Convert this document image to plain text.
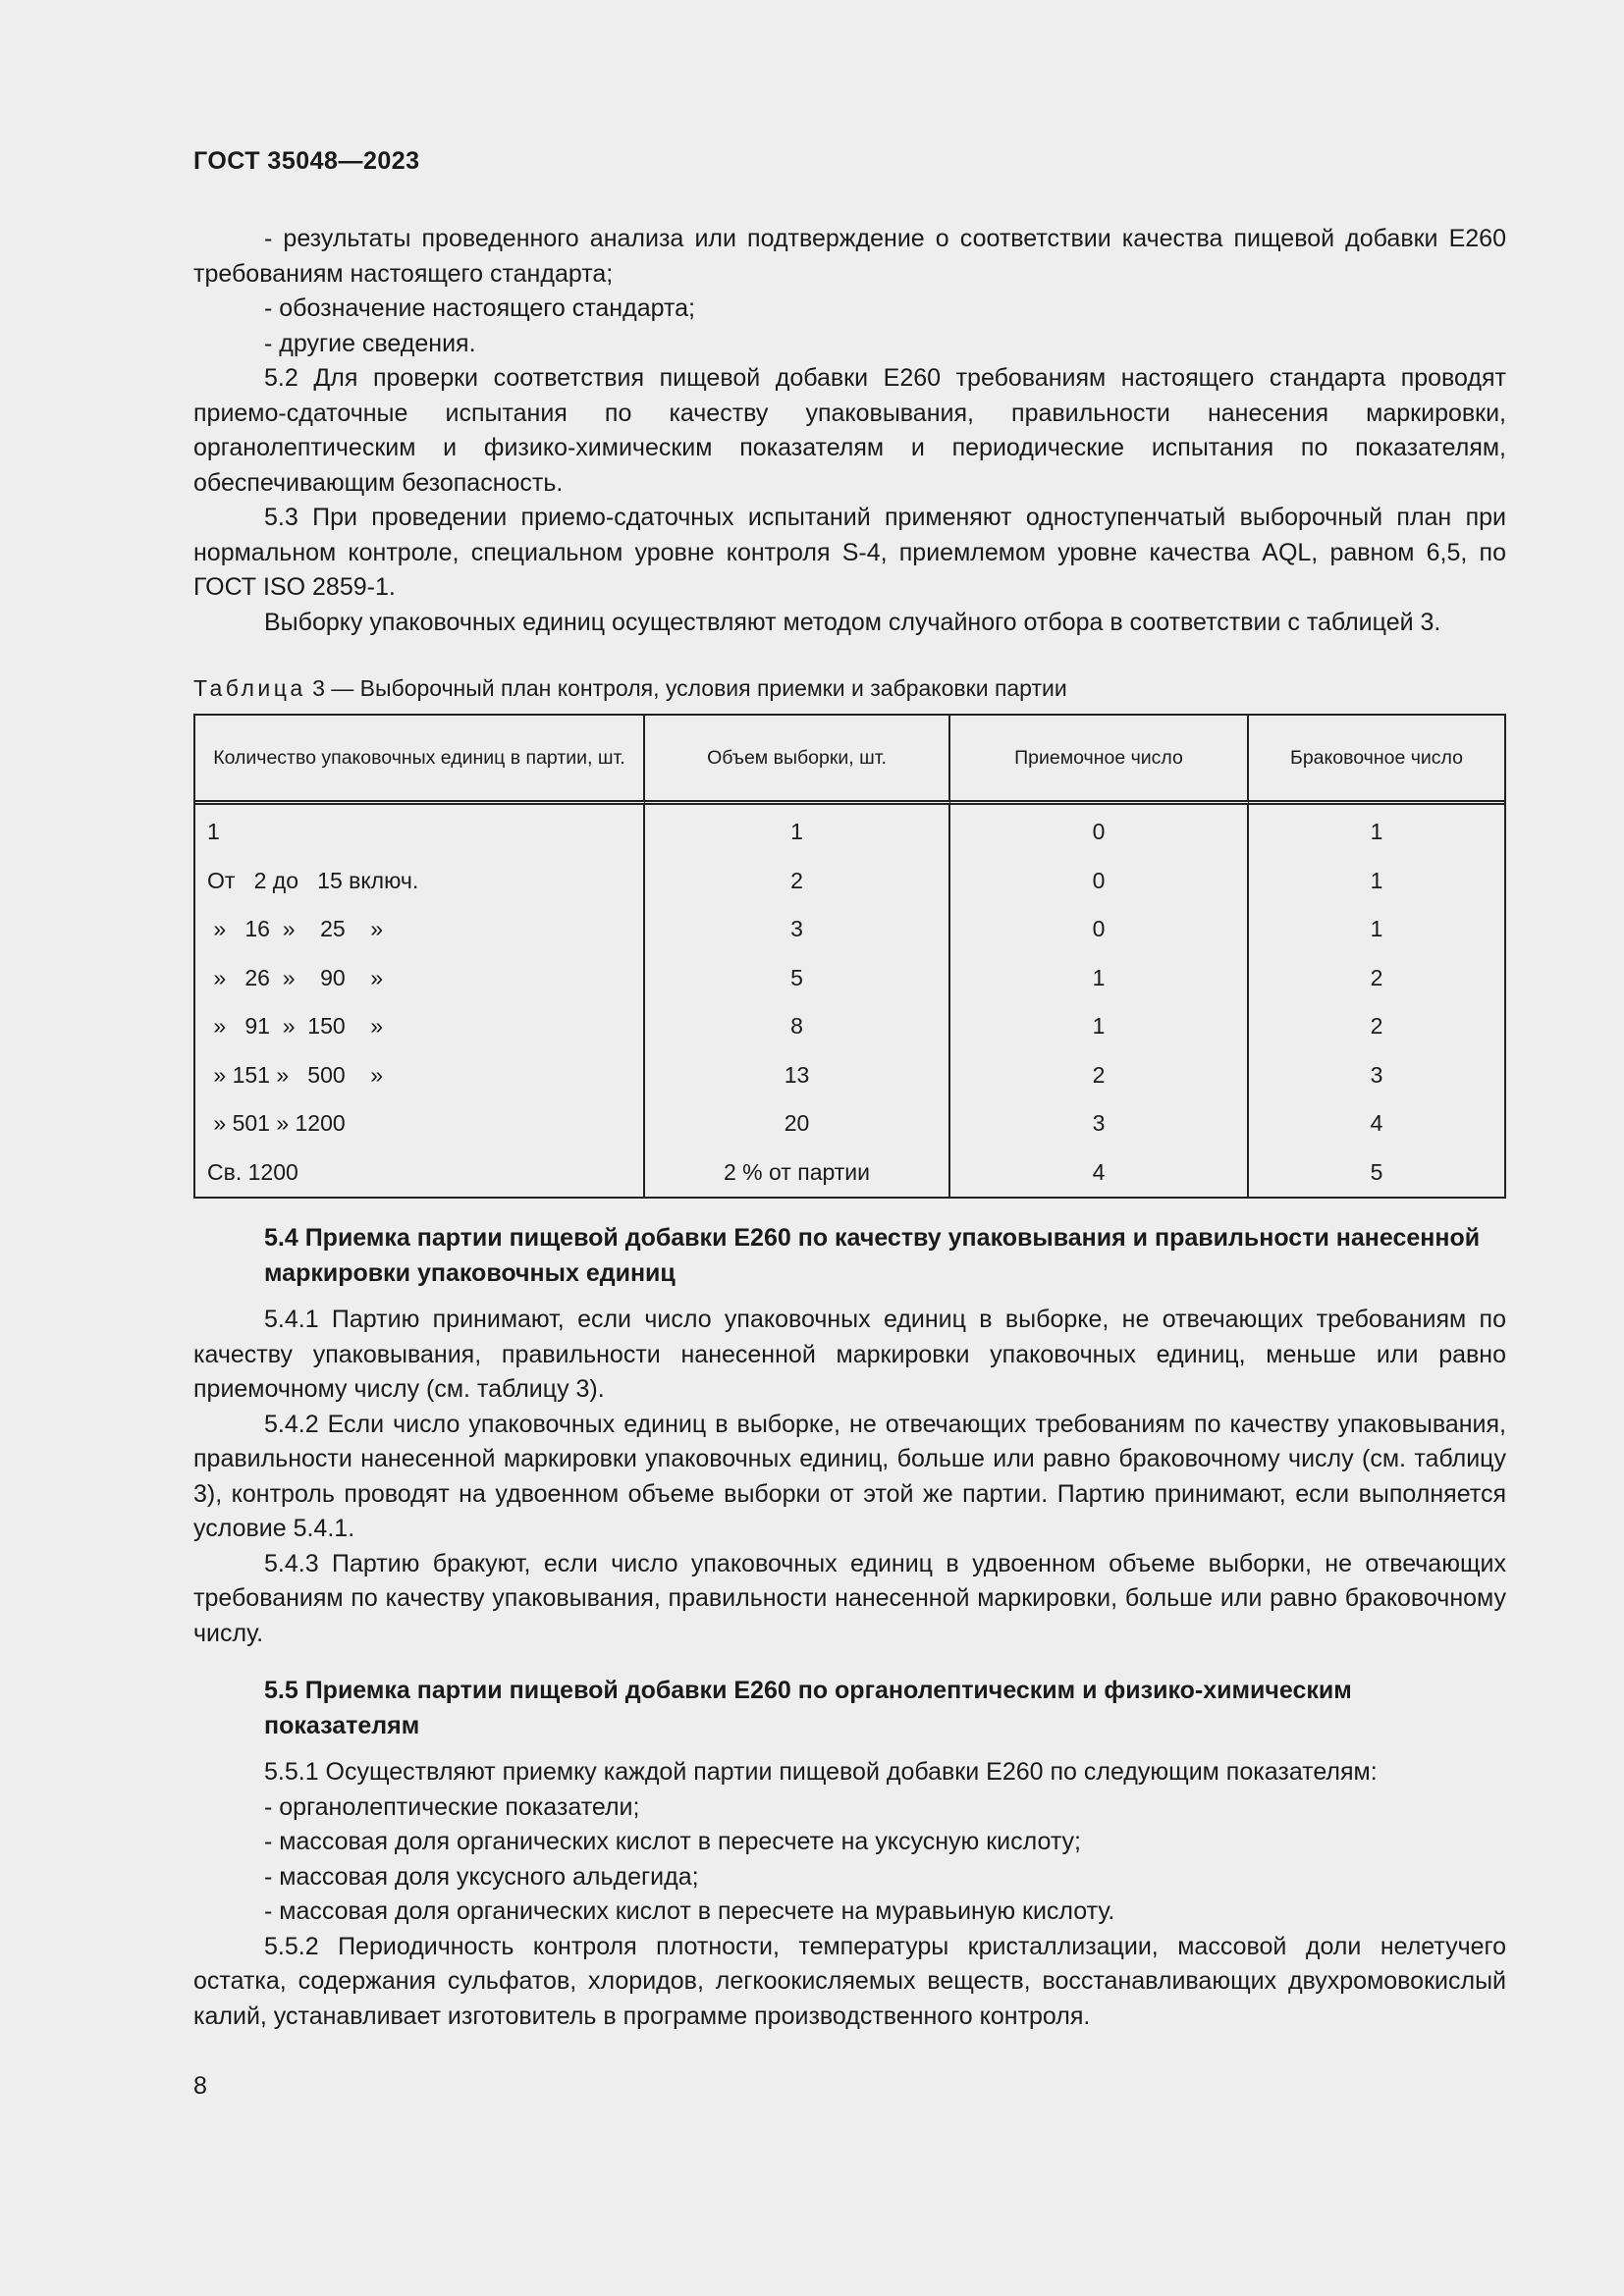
ГОСТ 35048—2023

- результаты проведенного анализа или подтверждение о соответствии качества пищевой добавки Е260 требованиям настоящего стандарта;

- обозначение настоящего стандарта;

- другие сведения.

5.2 Для проверки соответствия пищевой добавки Е260 требованиям настоящего стандарта проводят приемо-сдаточные испытания по качеству упаковывания, правильности нанесения маркировки, органолептическим и физико-химическим показателям и периодические испытания по показателям, обеспечивающим безопасность.

5.3 При проведении приемо-сдаточных испытаний применяют одноступенчатый выборочный план при нормальном контроле, специальном уровне контроля S-4, приемлемом уровне качества AQL, равном 6,5, по ГОСТ ISO 2859-1.

Выборку упаковочных единиц осуществляют методом случайного отбора в соответствии с таблицей 3.

Таблица 3 — Выборочный план контроля, условия приемки и забраковки партии
Количество упаковочных единиц в партии, шт.	Объем выборки, шт.	Приемочное число	Браковочное число
1	1	0	1
От   2 до   15 включ.	2	0	1
»   16  »    25    »	3	0	1
»   26  »    90    »	5	1	2
»   91  »  150    »	8	1	2
» 151 »   500    »	13	2	3
» 501 » 1200	20	3	4
Св. 1200	2 % от партии	4	5
5.4 Приемка партии пищевой добавки Е260 по качеству упаковывания и правильности нанесенной маркировки упаковочных единиц

5.4.1 Партию принимают, если число упаковочных единиц в выборке, не отвечающих требованиям по качеству упаковывания, правильности нанесенной маркировки упаковочных единиц, меньше или равно приемочному числу (см. таблицу 3).

5.4.2 Если число упаковочных единиц в выборке, не отвечающих требованиям по качеству упаковывания, правильности нанесенной маркировки упаковочных единиц, больше или равно браковочному числу (см. таблицу 3), контроль проводят на удвоенном объеме выборки от этой же партии. Партию принимают, если выполняется условие 5.4.1.

5.4.3 Партию бракуют, если число упаковочных единиц в удвоенном объеме выборки, не отвечающих требованиям по качеству упаковывания, правильности нанесенной маркировки, больше или равно браковочному числу.

5.5 Приемка партии пищевой добавки Е260 по органолептическим и физико-химическим показателям

5.5.1 Осуществляют приемку каждой партии пищевой добавки Е260 по следующим показателям:

- органолептические показатели;

- массовая доля органических кислот в пересчете на уксусную кислоту;

- массовая доля уксусного альдегида;

- массовая доля органических кислот в пересчете на муравьиную кислоту.

5.5.2 Периодичность контроля плотности, температуры кристаллизации, массовой доли нелетучего остатка, содержания сульфатов, хлоридов, легкоокисляемых веществ, восстанавливающих двухромовокислый калий, устанавливает изготовитель в программе производственного контроля.

8
